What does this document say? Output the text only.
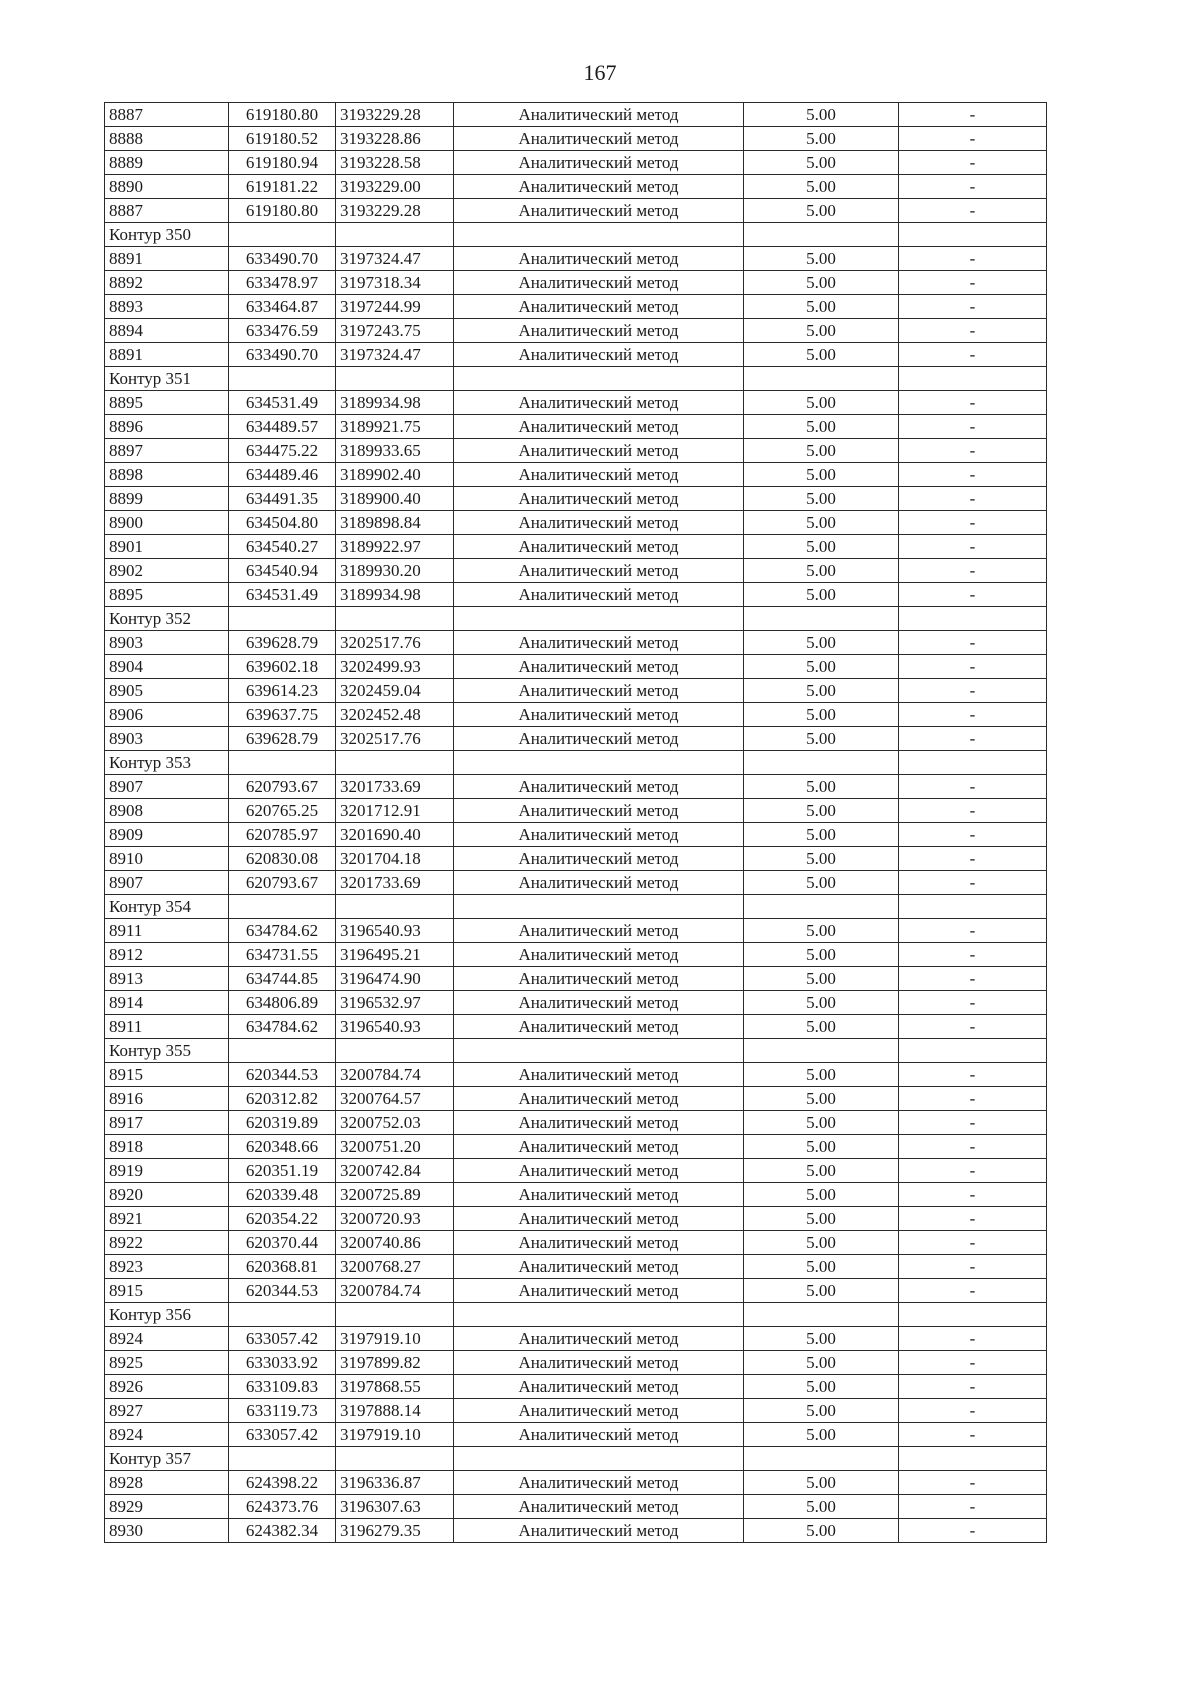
167
8887	619180.80	3193229.28	Аналитический метод	5.00	-
8888	619180.52	3193228.86	Аналитический метод	5.00	-
8889	619180.94	3193228.58	Аналитический метод	5.00	-
8890	619181.22	3193229.00	Аналитический метод	5.00	-
8887	619180.80	3193229.28	Аналитический метод	5.00	-
Контур 350					
8891	633490.70	3197324.47	Аналитический метод	5.00	-
8892	633478.97	3197318.34	Аналитический метод	5.00	-
8893	633464.87	3197244.99	Аналитический метод	5.00	-
8894	633476.59	3197243.75	Аналитический метод	5.00	-
8891	633490.70	3197324.47	Аналитический метод	5.00	-
Контур 351					
8895	634531.49	3189934.98	Аналитический метод	5.00	-
8896	634489.57	3189921.75	Аналитический метод	5.00	-
8897	634475.22	3189933.65	Аналитический метод	5.00	-
8898	634489.46	3189902.40	Аналитический метод	5.00	-
8899	634491.35	3189900.40	Аналитический метод	5.00	-
8900	634504.80	3189898.84	Аналитический метод	5.00	-
8901	634540.27	3189922.97	Аналитический метод	5.00	-
8902	634540.94	3189930.20	Аналитический метод	5.00	-
8895	634531.49	3189934.98	Аналитический метод	5.00	-
Контур 352					
8903	639628.79	3202517.76	Аналитический метод	5.00	-
8904	639602.18	3202499.93	Аналитический метод	5.00	-
8905	639614.23	3202459.04	Аналитический метод	5.00	-
8906	639637.75	3202452.48	Аналитический метод	5.00	-
8903	639628.79	3202517.76	Аналитический метод	5.00	-
Контур 353					
8907	620793.67	3201733.69	Аналитический метод	5.00	-
8908	620765.25	3201712.91	Аналитический метод	5.00	-
8909	620785.97	3201690.40	Аналитический метод	5.00	-
8910	620830.08	3201704.18	Аналитический метод	5.00	-
8907	620793.67	3201733.69	Аналитический метод	5.00	-
Контур 354					
8911	634784.62	3196540.93	Аналитический метод	5.00	-
8912	634731.55	3196495.21	Аналитический метод	5.00	-
8913	634744.85	3196474.90	Аналитический метод	5.00	-
8914	634806.89	3196532.97	Аналитический метод	5.00	-
8911	634784.62	3196540.93	Аналитический метод	5.00	-
Контур 355					
8915	620344.53	3200784.74	Аналитический метод	5.00	-
8916	620312.82	3200764.57	Аналитический метод	5.00	-
8917	620319.89	3200752.03	Аналитический метод	5.00	-
8918	620348.66	3200751.20	Аналитический метод	5.00	-
8919	620351.19	3200742.84	Аналитический метод	5.00	-
8920	620339.48	3200725.89	Аналитический метод	5.00	-
8921	620354.22	3200720.93	Аналитический метод	5.00	-
8922	620370.44	3200740.86	Аналитический метод	5.00	-
8923	620368.81	3200768.27	Аналитический метод	5.00	-
8915	620344.53	3200784.74	Аналитический метод	5.00	-
Контур 356					
8924	633057.42	3197919.10	Аналитический метод	5.00	-
8925	633033.92	3197899.82	Аналитический метод	5.00	-
8926	633109.83	3197868.55	Аналитический метод	5.00	-
8927	633119.73	3197888.14	Аналитический метод	5.00	-
8924	633057.42	3197919.10	Аналитический метод	5.00	-
Контур 357					
8928	624398.22	3196336.87	Аналитический метод	5.00	-
8929	624373.76	3196307.63	Аналитический метод	5.00	-
8930	624382.34	3196279.35	Аналитический метод	5.00	-
